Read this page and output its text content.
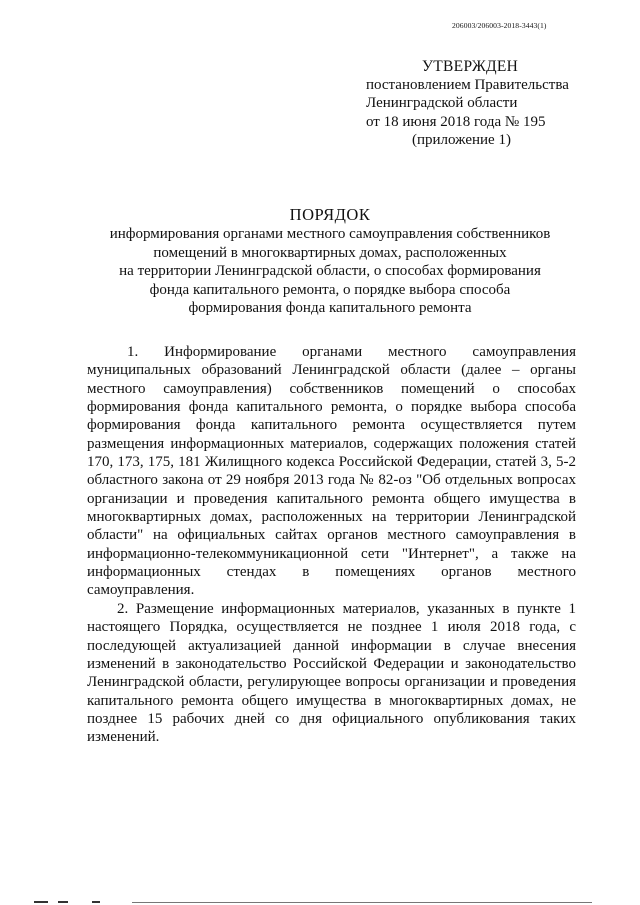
206003/206003-2018-3443(1)
УТВЕРЖДЕН
постановлением Правительства
Ленинградской области
от 18 июня 2018 года № 195
(приложение 1)
ПОРЯДОК
информирования органами местного самоуправления собственников
помещений в многоквартирных домах, расположенных
на территории Ленинградской области, о способах формирования
фонда капитального ремонта, о порядке выбора способа
формирования фонда капитального ремонта

1. Информирование органами местного самоуправления муниципальных образований Ленинградской области (далее – органы местного самоуправления) собственников помещений о способах формирования фонда капитального ремонта, о порядке выбора способа формирования фонда капитального ремонта осуществляется путем размещения информационных материалов, содержащих положения статей 170, 173, 175, 181 Жилищного кодекса Российской Федерации, статей 3, 5-2 областного закона от 29 ноября 2013 года № 82-оз "Об отдельных вопросах организации и проведения капитального ремонта общего имущества в многоквартирных домах, расположенных на территории Ленинградской области" на официальных сайтах органов местного самоуправления в информационно-телекоммуникационной сети "Интернет", а также на информационных стендах в помещениях органов местного самоуправления.

2. Размещение информационных материалов, указанных в пункте 1 настоящего Порядка, осуществляется не позднее 1 июля 2018 года, с последующей актуализацией данной информации в случае внесения изменений в законодательство Российской Федерации и законодательство Ленинградской области, регулирующее вопросы организации и проведения капитального ремонта общего имущества в многоквартирных домах, не позднее 15 рабочих дней со дня официального опубликования таких изменений.
